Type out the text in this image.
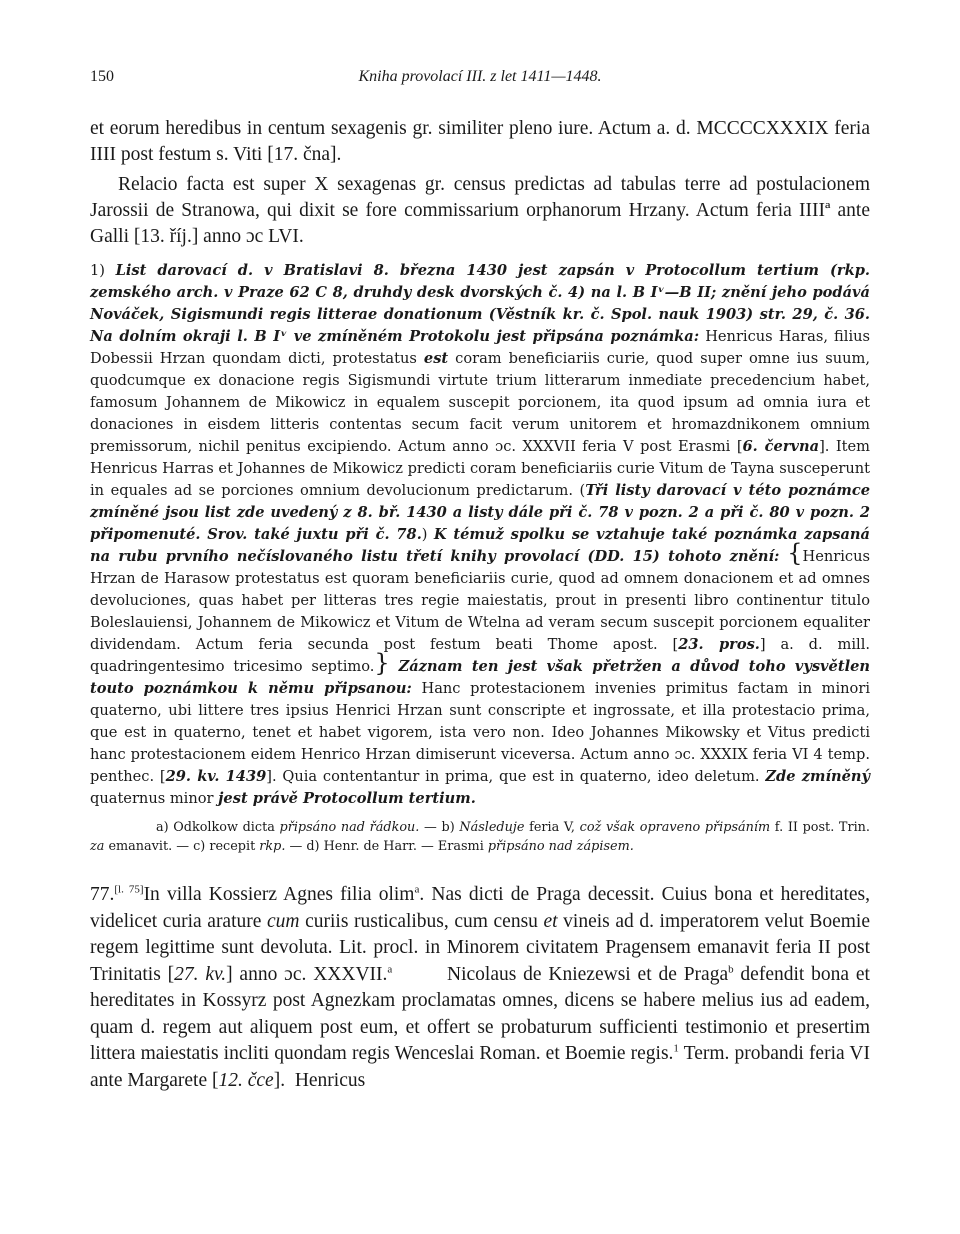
150	Kniha provolací III. z let 1411—1448.

et eorum heredibus in centum sexagenis gr. similiter pleno iure. Actum a. d. MCCCCXXXIX feria IIII post festum s. Viti [17. čna].

Relacio facta est super X sexagenas gr. census predictas ad tabulas terre ad postulacionem Jarossii de Stranowa, qui dixit se fore commissarium orphanorum Hrzany. Actum feria IIIIª ante Galli [13. říj.] anno ɔc LVI.

1) List darovací d. v Bratislavi 8. března 1430 jest zapsán v Protocollum tertium (rkp. zemského arch. v Praze 62 C 8, druhdy desk dvorských č. 4) na l. B Iᵛ—B II; znění jeho podává Nováček, Sigismundi regis litterae donationum (Věstník kr. č. Spol. nauk 1903) str. 29, č. 36. Na dolním okraji l. B Iᵛ ve zmíněném Protokolu jest připsána poznámka: Henricus Haras, filius Dobessii Hrzan quondam dicti, protestatus est coram beneficiariis curie, quod super omne ius suum, quodcumque ex donacione regis Sigismundi virtute trium litterarum inmediate precedencium habet, famosum Johannem de Mikowicz in equalem suscepit porcionem, ita quod ipsum ad omnia iura et donaciones in eisdem litteris contentas secum facit verum unitorem et hromazdnikonem omnium premissorum, nichil penitus excipiendo. Actum anno ɔc. XXXVII feria V post Erasmi [6. června]. Item Henricus Harras et Johannes de Mikowicz predicti coram beneficiariis curie Vitum de Tayna susceperunt in equales ad se porciones omnium devolucionum predictarum. (Tři listy darovací v této poznámce zmíněné jsou list zde uvedený z 8. bř. 1430 a listy dále při č. 78 v pozn. 2 a při č. 80 v pozn. 2 připomenuté. Srov. také juxtu při č. 78.) K témuž spolku se vztahuje také poznámka zapsaná na rubu prvního nečíslovaného listu třetí knihy provolací (DD. 15) tohoto znění: {Henricus Hrzan de Harasow protestatus est quoram beneficiariis curie, quod ad omnem donacionem et ad omnes devoluciones, quas habet per litteras tres regie maiestatis, prout in presenti libro continentur titulo Boleslauiensi, Johannem de Mikowicz et Vitum de Wtelna ad veram secum suscepit porcionem equaliter dividendam. Actum feria secunda post festum beati Thome apost. [23. pros.] a. d. mill. quadringentesimo tricesimo septimo.} Záznam ten jest však přetržen a důvod toho vysvětlen touto poznámkou k němu připsanou: Hanc protestacionem invenies primitus factam in minori quaterno, ubi littere tres ipsius Henrici Hrzan sunt conscripte et ingrossate, et illa protestacio prima, que est in quaterno, tenet et habet vigorem, ista vero non. Ideo Johannes Mikowsky et Vitus predicti hanc protestacionem eidem Henrico Hrzan dimiserunt viceversa. Actum anno ɔc. XXXIX feria VI 4 temp. penthec. [29. kv. 1439]. Quia contentantur in prima, que est in quaterno, ideo deletum. Zde zmíněný quaternus minor jest právě Protocollum tertium.

a) Odkolkow dicta připsáno nad řádkou. — b) Následuje feria V, což však opraveno připsáním f. II post. Trin. za emanavit. — c) recepit rkp. — d) Henr. de Harr. — Erasmi připsáno nad zápisem.

77.[l. 75]In villa Kossierz Agnes filia olim$^a$. Nas dicti de Praga decessit. Cuius bona et hereditates, videlicet curia arature cum curiis rusticalibus, cum censu et vineis ad d. imperatorem velut Boemie regem legittime sunt devoluta. Lit. procl. in Minorem civitatem Pragensem emanavit feria II post Trinitatis [27. kv.] anno ɔc. XXXVII.$^a$        Nicolaus de Kniezewsi et de Praga$^b$ defendit bona et hereditates in Kossyrz post Agnezkam proclamatas omnes, dicens se habere melius ius ad eadem, quam d. regem aut aliquem post eum, et offert se probaturum sufficienti testimonio et presertim littera maiestatis incliti quondam regis Wenceslai Roman. et Boemie regis.$^1$ Term. probandi feria VI ante Margarete [12. čce].  Henricus
